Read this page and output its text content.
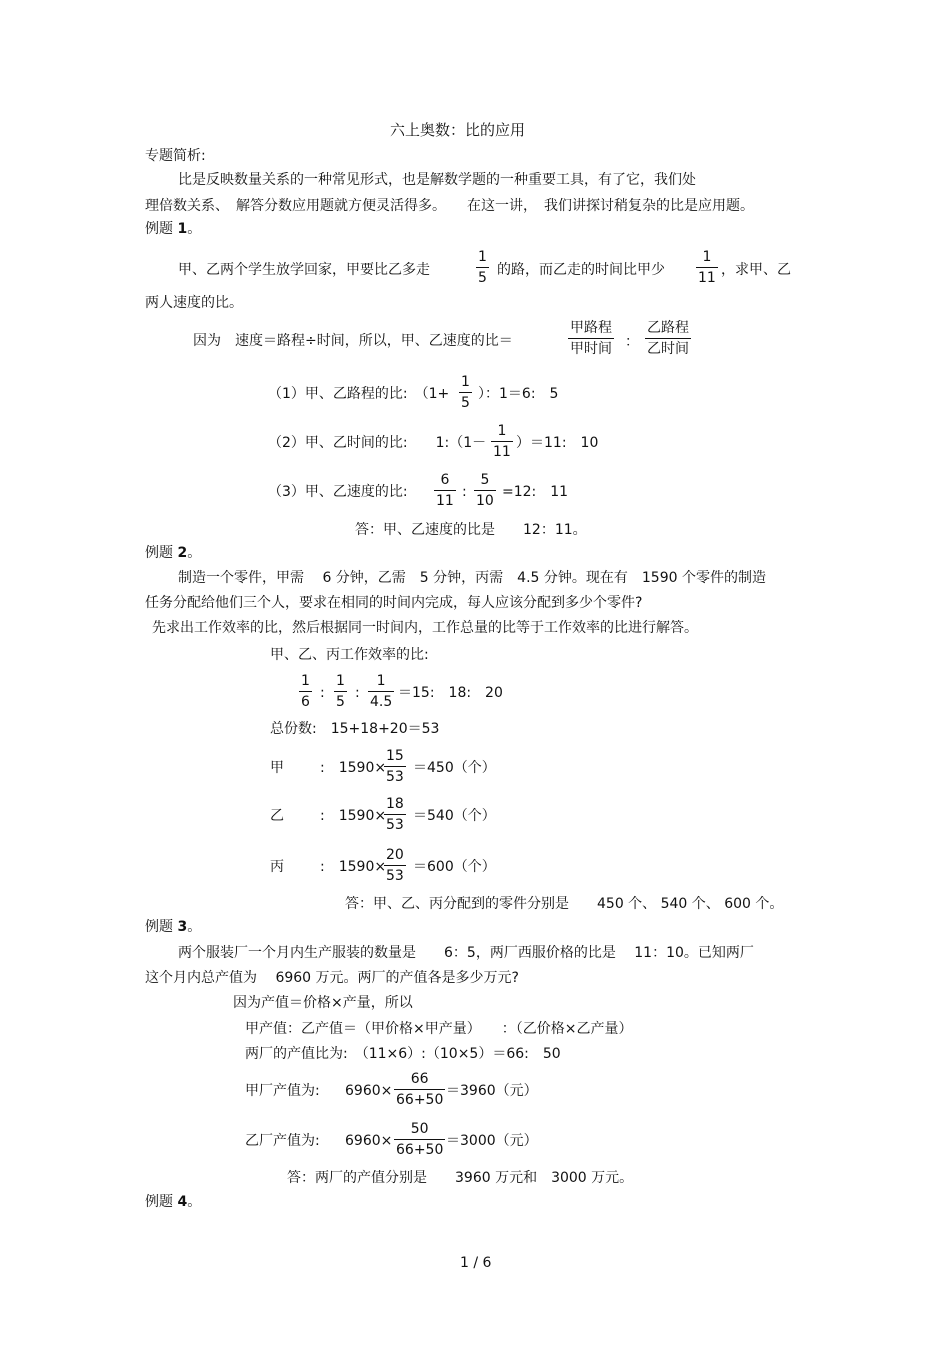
六上奥数：比的应用
专题简析:
比是反映数量关系的一种常见形式，也是解数学题的一种重要工具，有了它，我们处
理倍数关系、　解答分数应用题就方便灵活得多。　　在这一讲，　我们讲探讨稍复杂的比是应用题。
例题 1。
甲、乙两个学生放学回家，甲要比乙多走
1
5 的路，而乙走的时间比甲少
1
11 ，求甲、乙
两人速度的比。
因为　速度＝路程÷时间，所以，甲、乙速度的比＝
甲路程
甲时间 ：
乙路程
乙时间
（1）甲、乙路程的比:　（1+
1
5
）：1＝6:　5
（2）甲、乙时间的比:　　1:（1－
1
11
）＝11:　10
（3）甲、乙速度的比:
6
11
:
5
10
=12:　11
答：甲、乙速度的比是　　12：11。
例题 2。
制造一个零件，甲需　 6 分钟，乙需　5 分钟，丙需　4.5 分钟。现在有　1590 个零件的制造
任务分配给他们三个人，要求在相同的时间内完成，每人应该分配到多少个零件?
先求出工作效率的比，然后根据同一时间内，工作总量的比等于工作效率的比进行解答。
甲、乙、丙工作效率的比:
1
6
:
1
5
:
1
4.5
＝15:　18:　20
总份数:　15+18+20＝53
甲	:　1590×
15
53
＝450（个）
乙	:　1590×
18
53
＝540（个）
丙	:　1590×
20
53
＝600（个）
答：甲、乙、丙分配到的零件分别是　　450 个、 540 个、 600 个。
例题 3。
两个服装厂一个月内生产服装的数量是　　6：5，两厂西服价格的比是　 11：10。已知两厂
这个月内总产值为　 6960 万元。两厂的产值各是多少万元?
因为产值＝价格×产量，所以
甲产值：乙产值＝（甲价格×甲产量）　　：（乙价格×乙产量）
两厂的产值比为:　（11×6）:（10×5）＝66:　50
甲厂产值为: 6960×
66
66+50
＝3960（元）
乙厂产值为: 6960×
50
66+50
＝3000（元）
答：两厂的产值分别是　　3960 万元和　3000 万元。
例题 4。
1 / 6
